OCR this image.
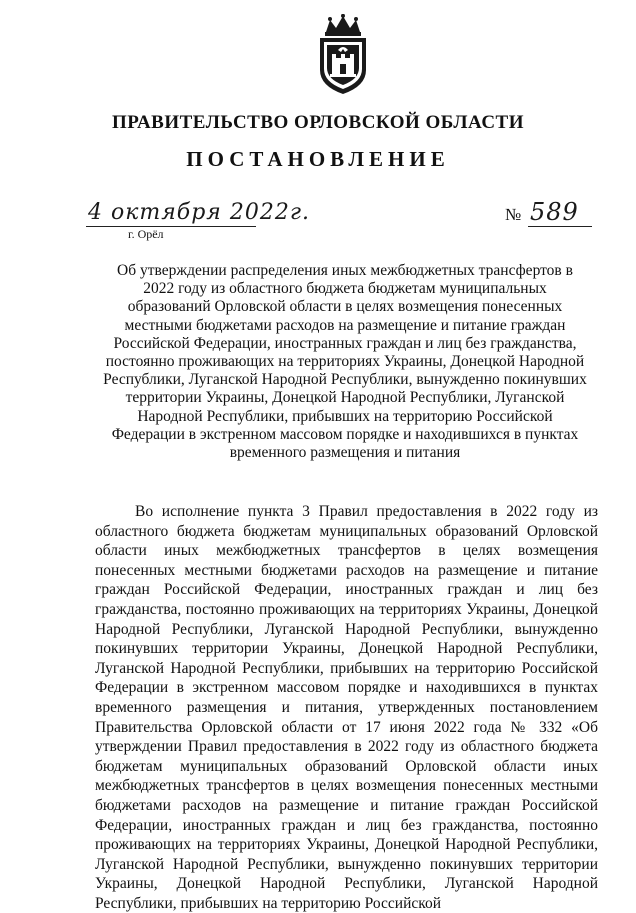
ПРАВИТЕЛЬСТВО ОРЛОВСКОЙ ОБЛАСТИ
ПОСТАНОВЛЕНИЕ
4 октября 2022г.
г. Орёл
№ 589
Об утверждении распределения иных межбюджетных трансфертов в 2022 году из областного бюджета бюджетам муниципальных образований Орловской области в целях возмещения понесенных местными бюджетами расходов на размещение и питание граждан Российской Федерации, иностранных граждан и лиц без гражданства, постоянно проживающих на территориях Украины, Донецкой Народной Республики, Луганской Народной Республики, вынужденно покинувших территории Украины, Донецкой Народной Республики, Луганской Народной Республики, прибывших на территорию Российской Федерации в экстренном массовом порядке и находившихся в пунктах временного размещения и питания
Во исполнение пункта 3 Правил предоставления в 2022 году из областного бюджета бюджетам муниципальных образований Орловской области иных межбюджетных трансфертов в целях возмещения понесенных местными бюджетами расходов на размещение и питание граждан Российской Федерации, иностранных граждан и лиц без гражданства, постоянно проживающих на территориях Украины, Донецкой Народной Республики, Луганской Народной Республики, вынужденно покинувших территории Украины, Донецкой Народной Республики, Луганской Народной Республики, прибывших на территорию Российской Федерации в экстренном массовом порядке и находившихся в пунктах временного размещения и питания, утвержденных постановлением Правительства Орловской области от 17 июня 2022 года № 332 «Об утверждении Правил предоставления в 2022 году из областного бюджета бюджетам муниципальных образований Орловской области иных межбюджетных трансфертов в целях возмещения понесенных местными бюджетами расходов на размещение и питание граждан Российской Федерации, иностранных граждан и лиц без гражданства, постоянно проживающих на территориях Украины, Донецкой Народной Республики, Луганской Народной Республики, вынужденно покинувших территории Украины, Донецкой Народной Республики, Луганской Народной Республики, прибывших на территорию Российской
